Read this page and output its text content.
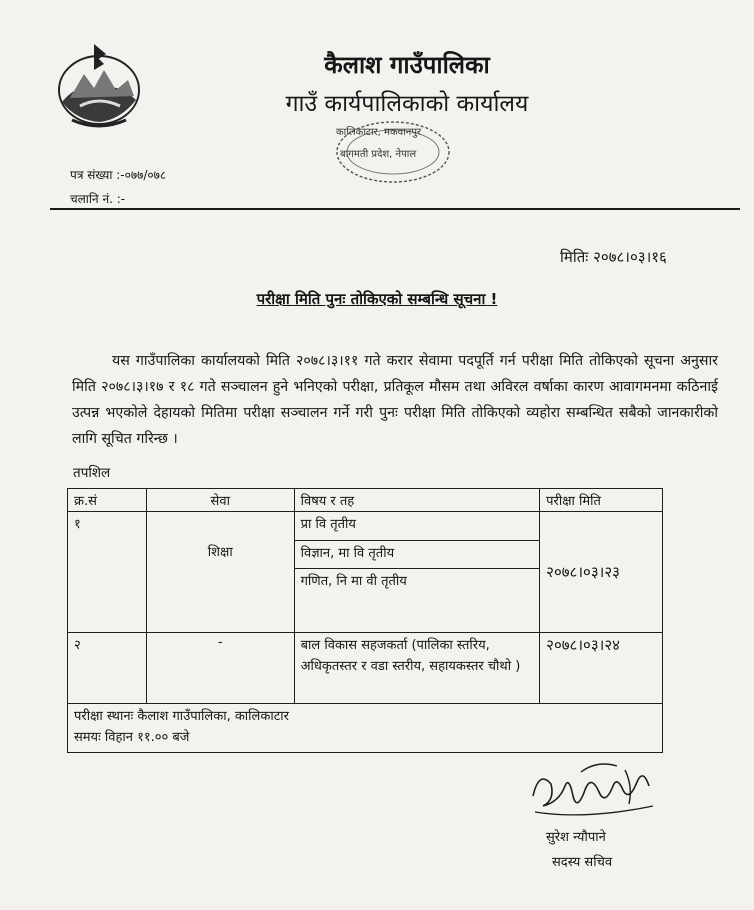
कैलाश गाउँपालिका
गाउँ कार्यपालिकाको कार्यालय
कालिकाटार, मकवानपुर
बागमती प्रदेश, नेपाल
पत्र संख्या :-०७७/०७८
चलानि नं. :-
मितिः २०७८।०३।१६
परीक्षा मिति पुनः तोकिएको सम्बन्धि सूचना !
यस गाउँपालिका कार्यालयको मिति २०७८।३।११ गते करार सेवामा पदपूर्ति गर्न परीक्षा मिति तोकिएको सूचना अनुसार मिति २०७८।३।१७ र १८ गते सञ्चालन हुने भनिएको परीक्षा, प्रतिकूल मौसम तथा अविरल वर्षाका कारण आवागमनमा कठिनाई उत्पन्न भएकोले देहायको मितिमा परीक्षा सञ्चालन गर्ने गरी पुनः परीक्षा मिति तोकिएको व्यहोरा सम्बन्धित सबैको जानकारीको लागि सूचित गरिन्छ ।
तपशिल
क्र.सं	सेवा	विषय र तह	परीक्षा मिति
१	शिक्षा	प्रा वि तृतीय	२०७८।०३।२३
		विज्ञान, मा वि तृतीय	
		गणित, नि मा वी तृतीय	
२	-	बाल विकास सहजकर्ता (पालिका स्तरिय, अधिकृतस्तर र वडा स्तरीय, सहायकस्तर चौथो )	२०७८।०३।२४

परीक्षा स्थानः कैलाश गाउँपालिका, कालिकाटार
समयः विहान ११.०० बजे			
सुरेश न्यौपाने
सदस्य सचिव
